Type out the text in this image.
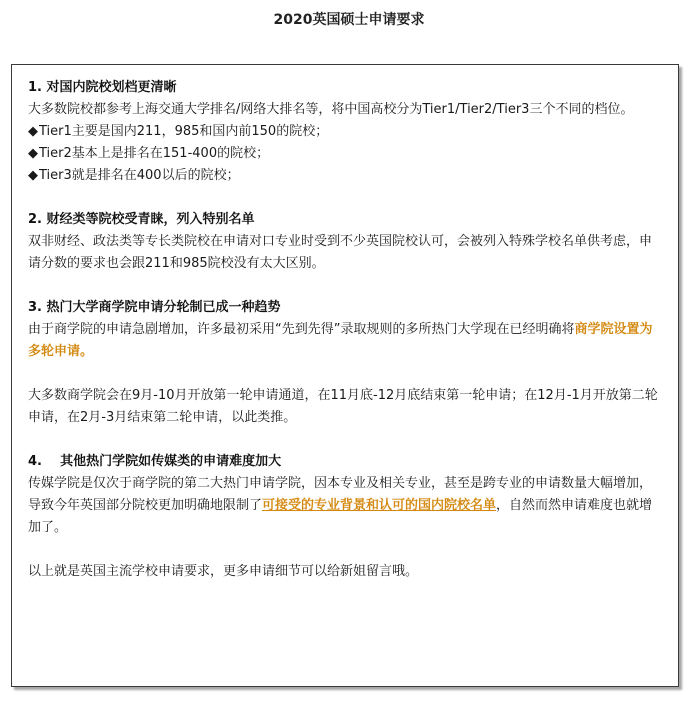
2020英国硕士申请要求
1. 对国内院校划档更清晰
大多数院校都参考上海交通大学排名/网络大排名等，将中国高校分为Tier1/Tier2/Tier3三个不同的档位。
◆ Tier1主要是国内211，985和国内前150的院校；
◆ Tier2基本上是排名在151-400的院校；
◆ Tier3就是排名在400以后的院校；
2. 财经类等院校受青睐，列入特别名单
双非财经、政法类等专长类院校在申请对口专业时受到不少英国院校认可，会被列入特殊学校名单供考虑，申请分数的要求也会跟211和985院校没有太大区别。
3. 热门大学商学院申请分轮制已成一种趋势
由于商学院的申请急剧增加，许多最初采用“先到先得”录取规则的多所热门大学现在已经明确将商学院设置为多轮申请。
大多数商学院会在9月-10月开放第一轮申请通道，在11月底-12月底结束第一轮申请；在12月-1月开放第二轮申请，在2月-3月结束第二轮申请，以此类推。
4.    其他热门学院如传媒类的申请难度加大
传媒学院是仅次于商学院的第二大热门申请学院，因本专业及相关专业，甚至是跨专业的申请数量大幅增加，导致今年英国部分院校更加明确地限制了可接受的专业背景和认可的国内院校名单，自然而然申请难度也就增加了。
以上就是英国主流学校申请要求，更多申请细节可以给新姐留言哦。
